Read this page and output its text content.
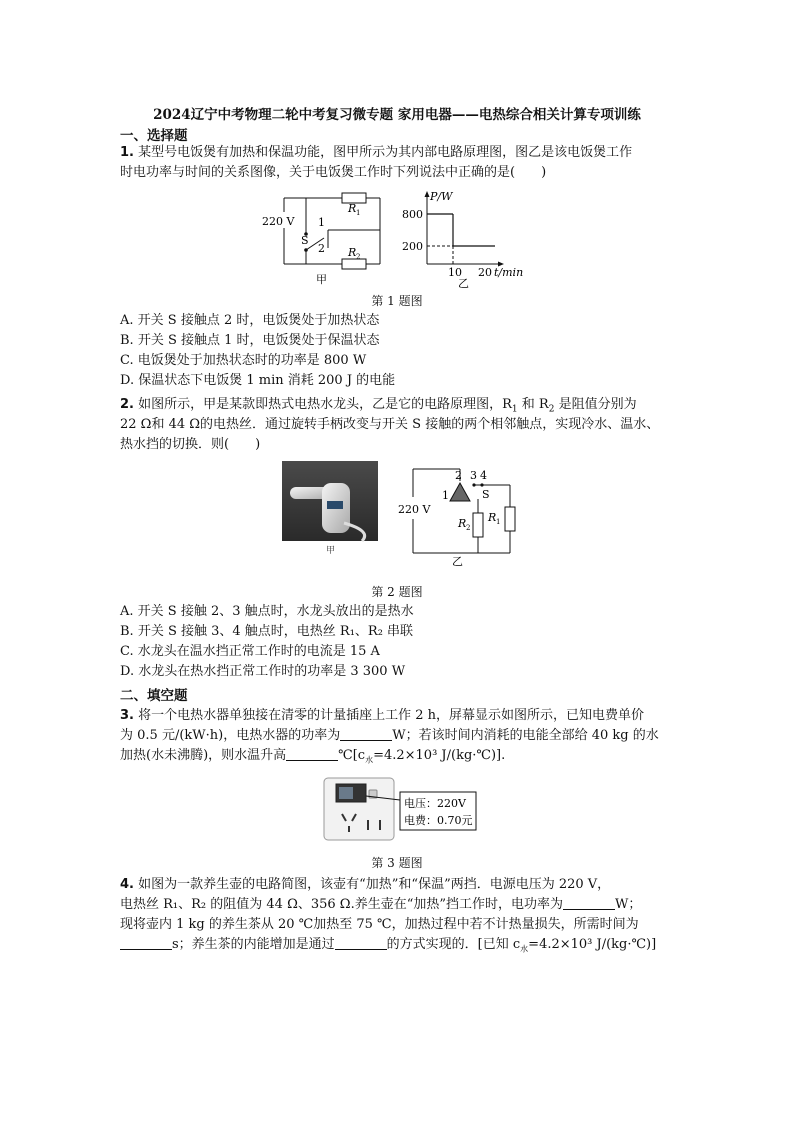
2024辽宁中考物理二轮中考复习微专题 家用电器——电热综合相关计算专项训练
一、选择题
1. 某型号电饭煲有加热和保温功能，图甲所示为其内部电路原理图，图乙是该电饭煲工作
时电功率与时间的关系图像，关于电饭煲工作时下列说法中正确的是(　　)
220 V
S
1
2
R 1
R 2
甲
P/W
800
200
10 20 t/min
乙
第 1 题图
A. 开关 S 接触点 2 时，电饭煲处于加热状态
B. 开关 S 接触点 1 时，电饭煲处于保温状态
C. 电饭煲处于加热状态时的功率是 800 W
D. 保温状态下电饭煲 1 min 消耗 200 J 的电能
2. 如图所示，甲是某款即热式电热水龙头，乙是它的电路原理图，$R_1$ 和 $R_2$ 是阻值分别为
22 Ω和 44 Ω的电热丝．通过旋转手柄改变与开关 S 接触的两个相邻触点，实现冷水、温水、
热水挡的切换．则(　　)
甲
220 V
1
2 3 4
S
R 2
R 1
乙
第 2 题图
A. 开关 S 接触 2、3 触点时，水龙头放出的是热水
B. 开关 S 接触 3、4 触点时，电热丝 R₁、R₂ 串联
C. 水龙头在温水挡正常工作时的电流是 15 A
D. 水龙头在热水挡正常工作时的功率是 3 300 W
二、填空题
3. 将一个电热水器单独接在清零的计量插座上工作 2 h，屏幕显示如图所示，已知电费单价
为 0.5 元/(kW·h)，电热水器的功率为	W；若该时间内消耗的电能全部给 40 kg 的水
加热(水未沸腾)，则水温升高	$℃[c_水=4.2\times 10^3$ J/(kg·℃)].
电压：220V
电费：0.70元
第 3 题图
4. 如图为一款养生壶的电路简图，该壶有“加热”和“保温”两挡．电源电压为 220 V，
电热丝 R₁、R₂ 的阻值为 44 Ω、356 Ω.养生壶在“加热”挡工作时，电功率为	W；
现将壶内 1 kg 的养生茶从 20 ℃加热至 75 ℃，加热过程中若不计热量损失，所需时间为
s；养生茶的内能增加是通过	的方式实现的．[已知 $c_水=4.2\times 10^3$ J/(kg·℃)]
